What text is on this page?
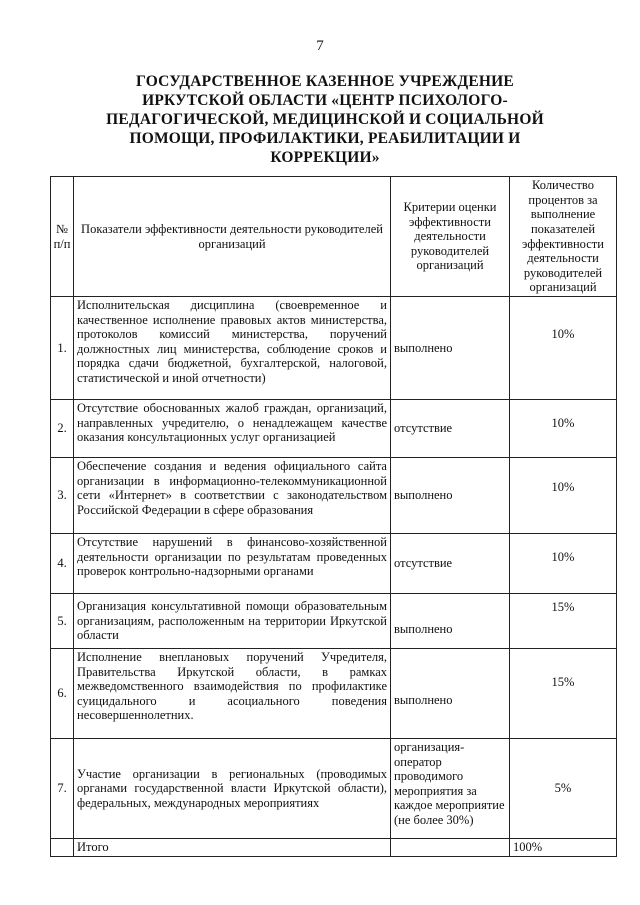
7
ГОСУДАРСТВЕННОЕ КАЗЕННОЕ УЧРЕЖДЕНИЕ
ИРКУТСКОЙ ОБЛАСТИ «ЦЕНТР ПСИХОЛОГО-
ПЕДАГОГИЧЕСКОЙ, МЕДИЦИНСКОЙ И СОЦИАЛЬНОЙ
ПОМОЩИ, ПРОФИЛАКТИКИ, РЕАБИЛИТАЦИИ И
КОРРЕКЦИИ»
№ п/п	Показатели эффективности деятельности руководителей организаций	Критерии оценки эффективности деятельности руководителей организаций	Количество процентов за выполнение показателей эффективности деятельности руководителей организаций
1.	Исполнительская дисциплина (своевременное и качественное исполнение правовых актов министерства, протоколов комиссий министерства, поручений должностных лиц министерства, соблюдение сроков и порядка сдачи бюджетной, бухгалтерской, налоговой, статистической и иной отчетности)	выполнено	10%
2.	Отсутствие обоснованных жалоб граждан, организаций, направленных учредителю, о ненадлежащем качестве оказания консультационных услуг организацией	отсутствие	10%
3.	Обеспечение создания и ведения официального сайта организации в информационно-телекоммуникационной сети «Интернет» в соответствии с законодательством Российской Федерации в сфере образования	выполнено	10%
4.	Отсутствие нарушений в финансово-хозяйственной деятельности организации по результатам проведенных проверок контрольно-надзорными органами	отсутствие	10%
5.	Организация консультативной помощи образовательным организациям, расположенным на территории Иркутской области	выполнено	15%
6.	Исполнение внеплановых поручений Учредителя, Правительства Иркутской области, в рамках межведомственного взаимодействия по профилактике суицидального и асоциального поведения несовершеннолетних.	выполнено	15%
7.	Участие организации в региональных (проводимых органами государственной власти Иркутской области), федеральных, международных мероприятиях	организация-оператор проводимого мероприятия за каждое мероприятие (не более 30%)	5%
	Итого		100%
